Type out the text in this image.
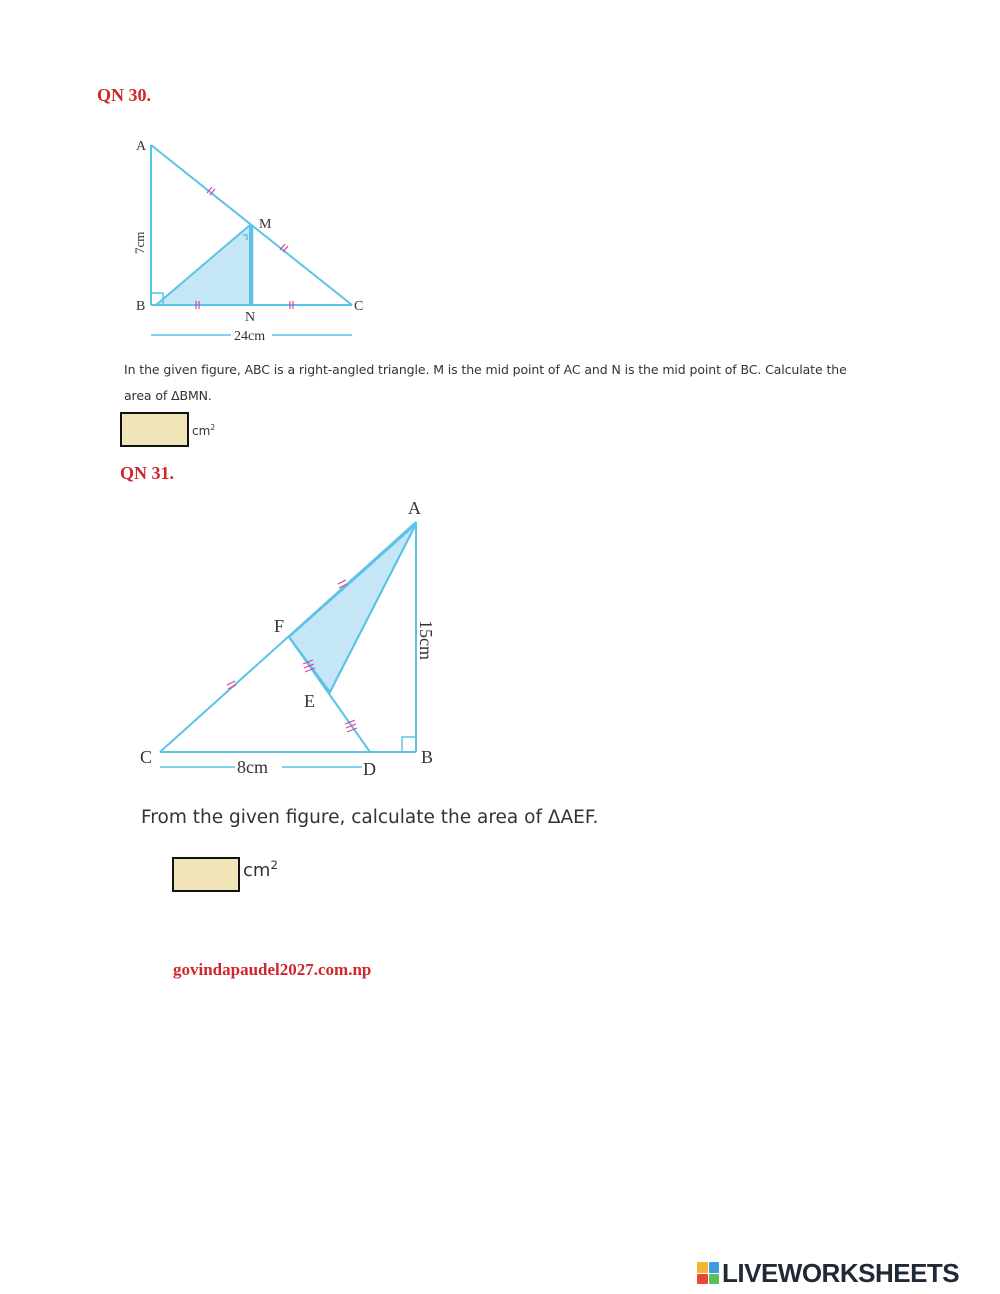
QN 30.
A
M
B	C
N
7cm
24cm
In the given figure, ABC is a right-angled triangle. M is the mid point of AC and N is the mid point of BC. Calculate the
area of ΔBMN.
$cm^2$
QN 31.
A
F
E
C
D
B
15cm
8cm
From the given figure, calculate the area of ΔAEF.
$cm^2$
govindapaudel2027.com.np
LIVEWORKSHEETS
